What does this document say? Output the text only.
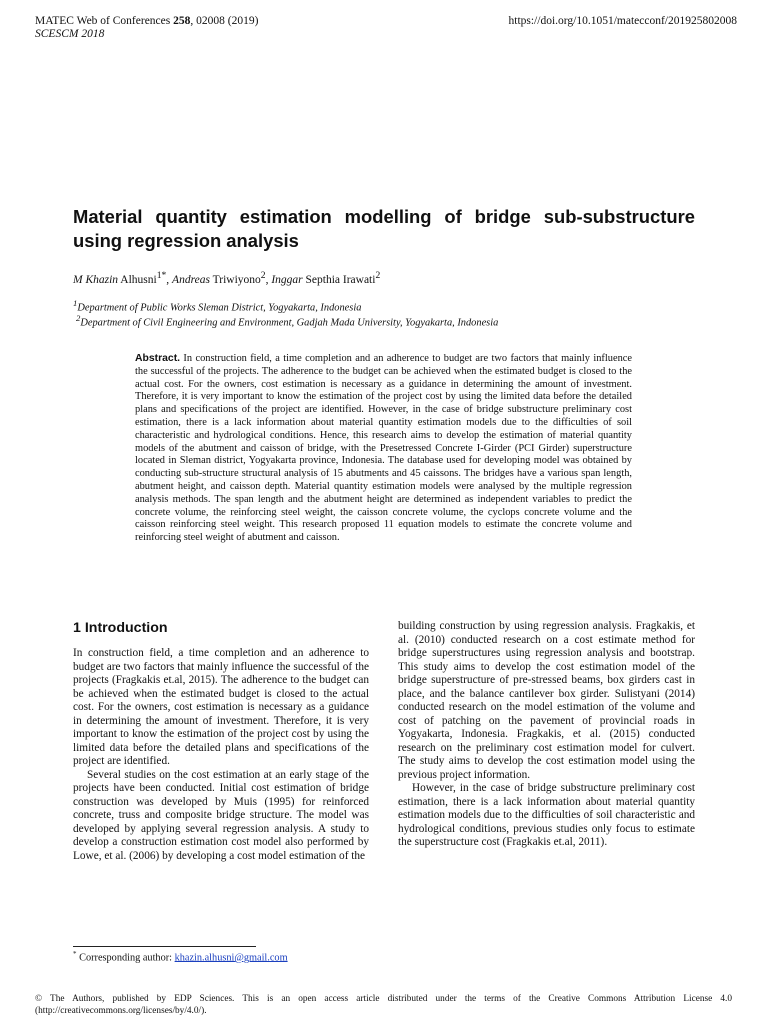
MATEC Web of Conferences 258, 02008 (2019)	https://doi.org/10.1051/matecconf/201925802008
SCESCM 2018
Material quantity estimation modelling of bridge sub-substructure using regression analysis
M Khazin Alhusni$^{1*}$, Andreas Triwiyono$^2$, Inggar Septhia Irawati$^2$
$^1$Department of Public Works Sleman District, Yogyakarta, Indonesia
$^2$Department of Civil Engineering and Environment, Gadjah Mada University, Yogyakarta, Indonesia
Abstract. In construction field, a time completion and an adherence to budget are two factors that mainly influence the successful of the projects. The adherence to the budget can be achieved when the estimated budget is closed to the actual cost. For the owners, cost estimation is necessary as a guidance in determining the amount of investment. Therefore, it is very important to know the estimation of the project cost by using the limited data before the detailed plans and specifications of the project are identified. However, in the case of bridge substructure preliminary cost estimation, there is a lack information about material quantity estimation models due to the difficulties of soil characteristic and hydrological conditions. Hence, this research aims to develop the estimation of material quantity models of the abutment and caisson of bridge, with the Presetressed Concrete I-Girder (PCI Girder) superstructure located in Sleman district, Yogyakarta province, Indonesia. The database used for developing model was obtained by conducting sub-structure structural analysis of 15 abutments and 45 caissons. The bridges have a various span length, abutment height, and caisson depth. Material quantity estimation models were analysed by the multiple regression analysis methods. The span length and the abutment height are determined as independent variables to predict the concrete volume, the reinforcing steel weight, the caisson concrete volume, the cyclops concrete volume and the caisson reinforcing steel weight. This research proposed 11 equation models to estimate the concrete volume and reinforcing steel weight of abutment and caisson.
1 Introduction

In construction field, a time completion and an adherence to budget are two factors that mainly influence the successful of the projects (Fragkakis et.al, 2015). The adherence to the budget can be achieved when the estimated budget is closed to the actual cost. For the owners, cost estimation is necessary as a guidance in determining the amount of investment. Therefore, it is very important to know the estimation of the project cost by using the limited data before the detailed plans and specifications of the project are identified.

Several studies on the cost estimation at an early stage of the projects have been conducted. Initial cost estimation of bridge construction was developed by Muis (1995) for reinforced concrete, truss and composite bridge structure. The model was developed by applying several regression analysis. A study to develop a construction estimation cost model also performed by Lowe, et al. (2006) by developing a cost model estimation of the

building construction by using regression analysis. Fragkakis, et al. (2010) conducted research on a cost estimate method for bridge superstructures using regression analysis and bootstrap. This study aims to develop the cost estimation model of the bridge superstructure of pre-stressed beams, box girders cast in place, and the balance cantilever box girder. Sulistyani (2014) conducted research on the model estimation of the volume and cost of patching on the pavement of provincial roads in Yogyakarta, Indonesia. Fragkakis, et al. (2015) conducted research on the preliminary cost estimation model for culvert. The study aims to develop the cost estimation model using the previous project information.

However, in the case of bridge substructure preliminary cost estimation, there is a lack information about material quantity estimation models due to the difficulties of soil characteristic and hydrological conditions, previous studies only focus to estimate the superstructure cost (Fragkakis et.al, 2011).

* Corresponding author: khazin.alhusni@gmail.com
© The Authors, published by EDP Sciences. This is an open access article distributed under the terms of the Creative Commons Attribution License 4.0 (http://creativecommons.org/licenses/by/4.0/).
